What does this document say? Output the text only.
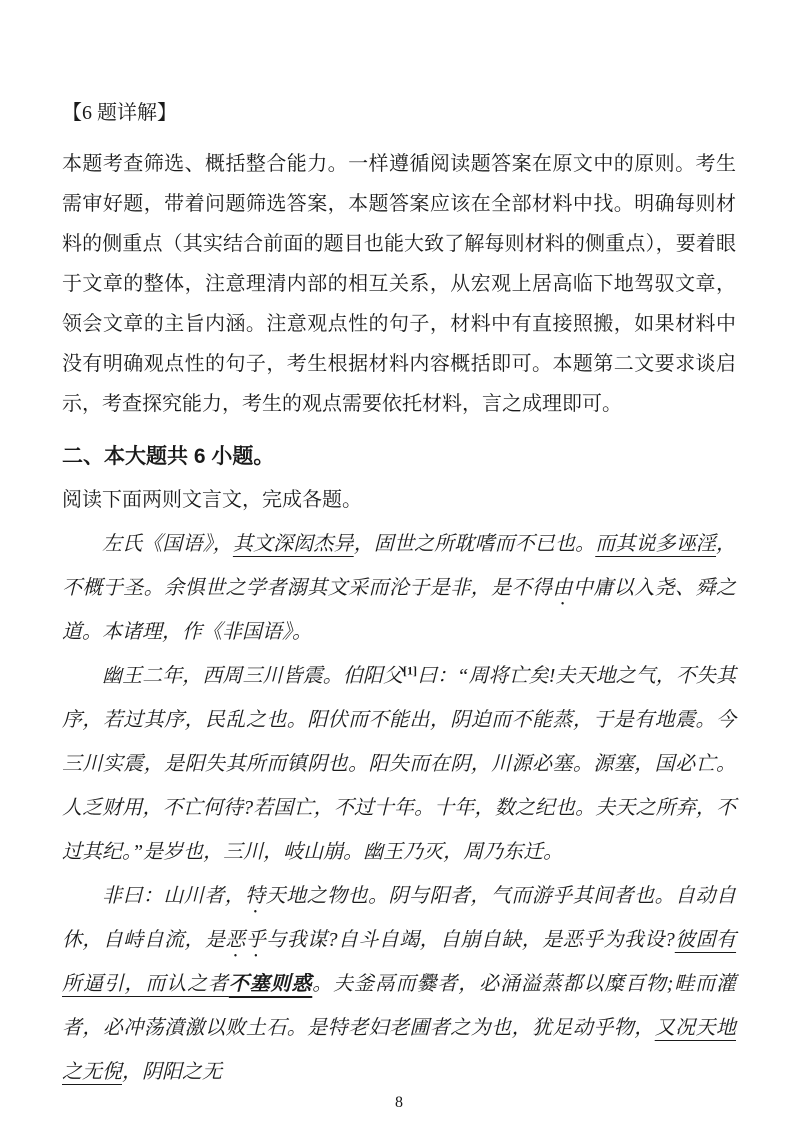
【6 题详解】

本题考查筛选、概括整合能力。一样遵循阅读题答案在原文中的原则。考生需审好题，带着问题筛选答案，本题答案应该在全部材料中找。明确每则材料的侧重点（其实结合前面的题目也能大致了解每则材料的侧重点），要着眼于文章的整体，注意理清内部的相互关系，从宏观上居高临下地驾驭文章，领会文章的主旨内涵。注意观点性的句子，材料中有直接照搬，如果材料中没有明确观点性的句子，考生根据材料内容概括即可。本题第二文要求谈启示，考查探究能力，考生的观点需要依托材料，言之成理即可。

二、本大题共 6 小题。

阅读下面两则文言文，完成各题。

左氏《国语》，其文深闳杰异，固世之所耽嗜而不已也。而其说多诬淫，不概于圣。余惧世之学者溺其文采而沦于是非，是不得由中庸以入尧、舜之道。本诸理，作《非国语》。

幽王二年，西周三川皆震。伯阳父[1]曰：“周将亡矣!夫天地之气，不失其序，若过其序，民乱之也。阳伏而不能出，阴迫而不能蒸，于是有地震。今三川实震，是阳失其所而镇阴也。阳失而在阴，川源必塞。源塞，国必亡。人乏财用，不亡何待?若国亡，不过十年。十年，数之纪也。夫天之所弃，不过其纪。”是岁也，三川，岐山崩。幽王乃灭，周乃东迁。

非曰：山川者，特天地之物也。阴与阳者，气而游乎其间者也。自动自休，自峙自流，是恶乎与我谋?自斗自竭，自崩自缺，是恶乎为我设?彼固有所逼引，而认之者不塞则惑。夫釜鬲而爨者，必涌溢蒸都以糜百物;畦而灌者，必冲荡濆激以败土石。是特老妇老圃者之为也，犹足动乎物，又况天地之无倪，阴阳之无

8
